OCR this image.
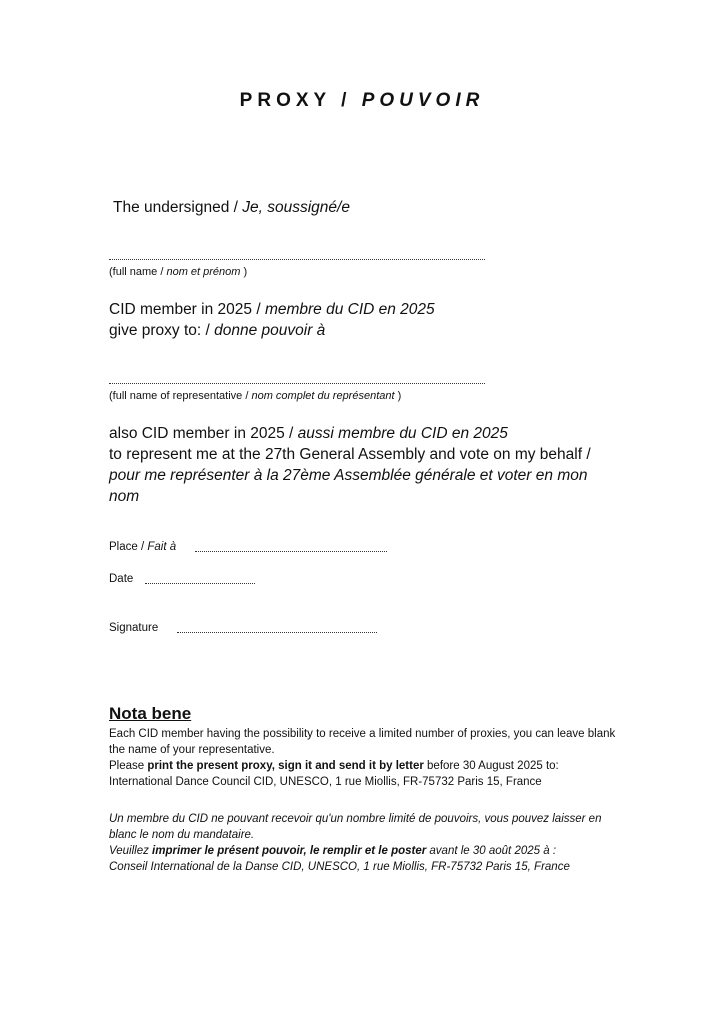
PROXY / POUVOIR
The undersigned / Je, soussigné/e
(full name / nom et prénom )
CID member in 2025 / membre du CID en 2025
give proxy to: / donne pouvoir à
(full name of representative / nom complet du représentant )
also CID member in 2025 / aussi membre du CID en 2025
to represent me at the 27th General Assembly and vote on my behalf /
pour me représenter à la 27ème Assemblée générale et voter en mon
nom
Place / Fait à
Date
Signature
Nota bene
Each CID member having the possibility to receive a limited number of proxies, you can leave blank the name of your representative.
Please print the present proxy, sign it and send it by letter before 30 August 2025 to:
International Dance Council CID, UNESCO, 1 rue Miollis, FR-75732 Paris 15, France
Un membre du CID ne pouvant recevoir qu'un nombre limité de pouvoirs, vous pouvez laisser en blanc le nom du mandataire.
Veuillez imprimer le présent pouvoir, le remplir et le poster avant le 30 août 2025 à :
Conseil International de la Danse CID, UNESCO, 1 rue Miollis, FR-75732 Paris 15, France
